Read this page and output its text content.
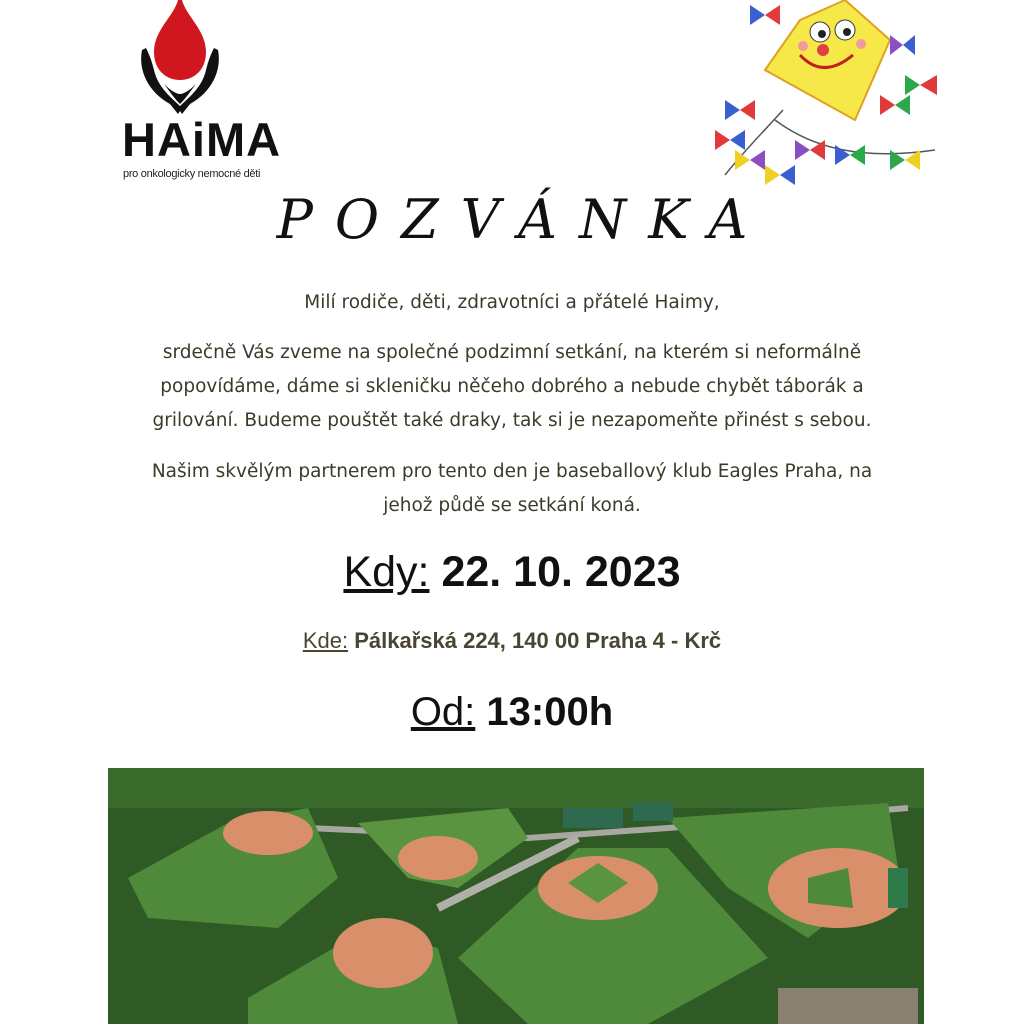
HAiMA
pro onkologicky nemocné děti
POZVÁNKA
Milí rodiče, děti, zdravotníci a přátelé Haimy,
srdečně Vás zveme na společné podzimní setkání, na kterém si neformálně
popovídáme, dáme si skleničku něčeho dobrého a nebude chybět táborák a
grilování. Budeme pouštět také draky, tak si je nezapomeňte přinést s sebou.
Našim skvělým partnerem pro tento den je baseballový klub Eagles Praha, na
jehož půdě se setkání koná.
Kdy: 22. 10. 2023
Kde: Pálkařská 224, 140 00 Praha 4 - Krč
Od: 13:00h
